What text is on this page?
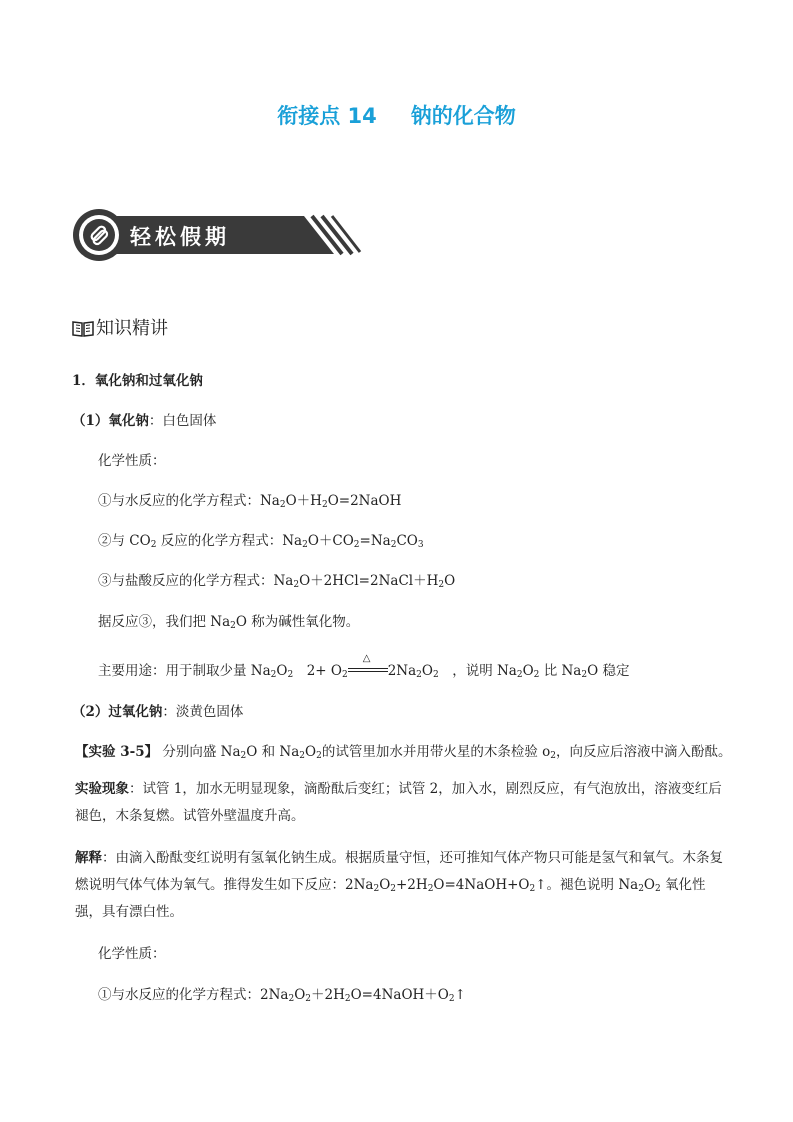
衔接点 14 钠的化合物
轻松假期
知识精讲
1．氧化钠和过氧化钠
（1）氧化钠：白色固体
化学性质：
①与水反应的化学方程式：$Na_2O+H_2O=2NaOH$
②与 $CO_2$ 反应的化学方程式：$Na_2O+CO_2=Na_2CO_3$
③与盐酸反应的化学方程式：$Na_2O+2HCl=2NaCl+H_2O$
据反应③，我们把 $Na_2O$ 称为碱性氧化物。
主要用途：用于制取少量 $Na_2O_2$　$2+ O_2$
△
$2Na_2O_2$　，说明 $Na_2O_2$ 比 $Na_2O$ 稳定
（2）过氧化钠：淡黄色固体
【实验 3-5】 分别向盛 $Na_2O$ 和 $Na_2O_2$的试管里加水并用带火星的木条检验 $o_2$，向反应后溶液中滴入酚酞。
实验现象：试管 1，加水无明显现象，滴酚酞后变红；试管 2，加入水，剧烈反应，有气泡放出，溶液变红后褪色，木条复燃。试管外壁温度升高。
解释：由滴入酚酞变红说明有氢氧化钠生成。根据质量守恒，还可推知气体产物只可能是氢气和氧气。木条复燃说明气体气体为氧气。推得发生如下反应：$2Na_2O_2+2H_2O=4NaOH+O_2↑$。褪色说明 $Na_2O_2$ 氧化性强，具有漂白性。
化学性质：
①与水反应的化学方程式：$2Na_2O_2+2H_2O=4NaOH+O_2↑$
